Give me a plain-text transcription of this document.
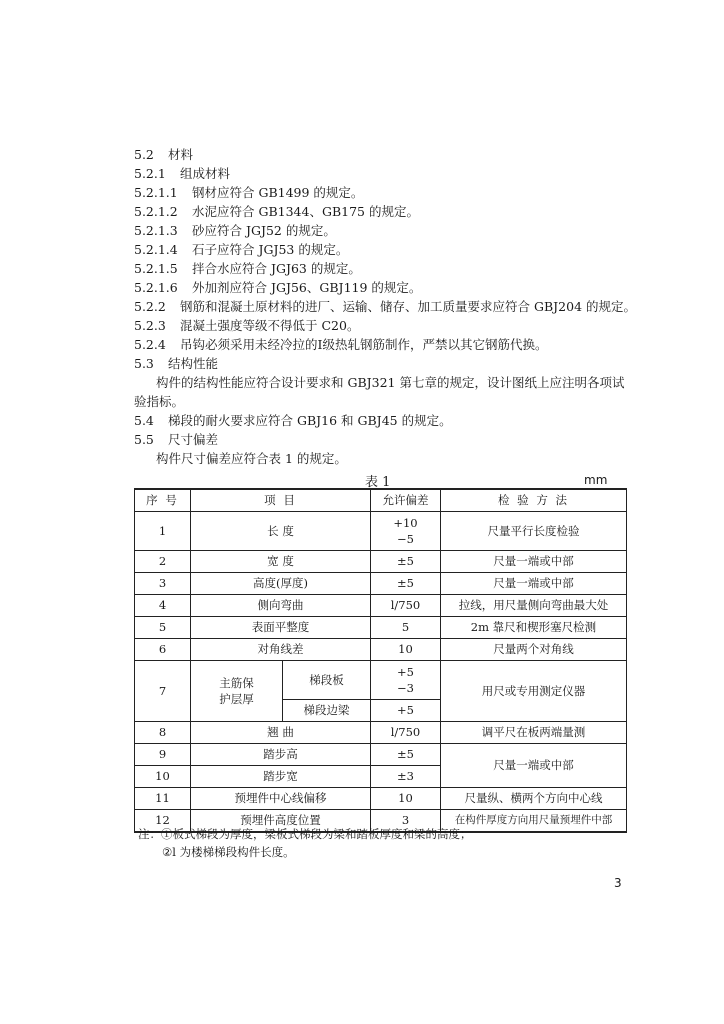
5.2 材料
5.2.1 组成材料
5.2.1.1 钢材应符合 GB1499 的规定。
5.2.1.2 水泥应符合 GB1344、GB175 的规定。
5.2.1.3 砂应符合 JGJ52 的规定。
5.2.1.4 石子应符合 JGJ53 的规定。
5.2.1.5 拌合水应符合 JGJ63 的规定。
5.2.1.6 外加剂应符合 JGJ56、GBJ119 的规定。
5.2.2 钢筋和混凝土原材料的进厂、运输、储存、加工质量要求应符合 GBJ204 的规定。
5.2.3 混凝土强度等级不得低于 C20。
5.2.4 吊钩必须采用未经冷拉的Ⅰ级热轧钢筋制作，严禁以其它钢筋代换。
5.3 结构性能
构件的结构性能应符合设计要求和 GBJ321 第七章的规定，设计图纸上应注明各项试
验指标。
5.4 梯段的耐火要求应符合 GBJ16 和 GBJ45 的规定。
5.5 尺寸偏差
构件尺寸偏差应符合表 1 的规定。
表 1	mm
序 号	项 目		允许偏差	检 验 方 法
1	长 度		+10
−5	尺量平行长度检验
2	宽 度		±5	尺量一端或中部
3	高度(厚度)		±5	尺量一端或中部
4	侧向弯曲		l/750	拉线，用尺量侧向弯曲最大处
5	表面平整度		5	2m 靠尺和楔形塞尺检测
6	对角线差		10	尺量两个对角线
7	主筋保
护层厚	梯段板	+5
−3	用尺或专用测定仪器
		梯段边梁	+5	
8	翘 曲		l/750	调平尺在板两端量测
9	踏步高		±5	尺量一端或中部
10	踏步宽		±3	
11	预埋件中心线偏移		10	尺量纵、横两个方向中心线
12	预埋件高度位置		3	在构件厚度方向用尺量预埋件中部
注：①板式梯段为厚度，梁板式梯段为梁和踏板厚度和梁的高度；
②l 为楼梯梯段构件长度。
3
